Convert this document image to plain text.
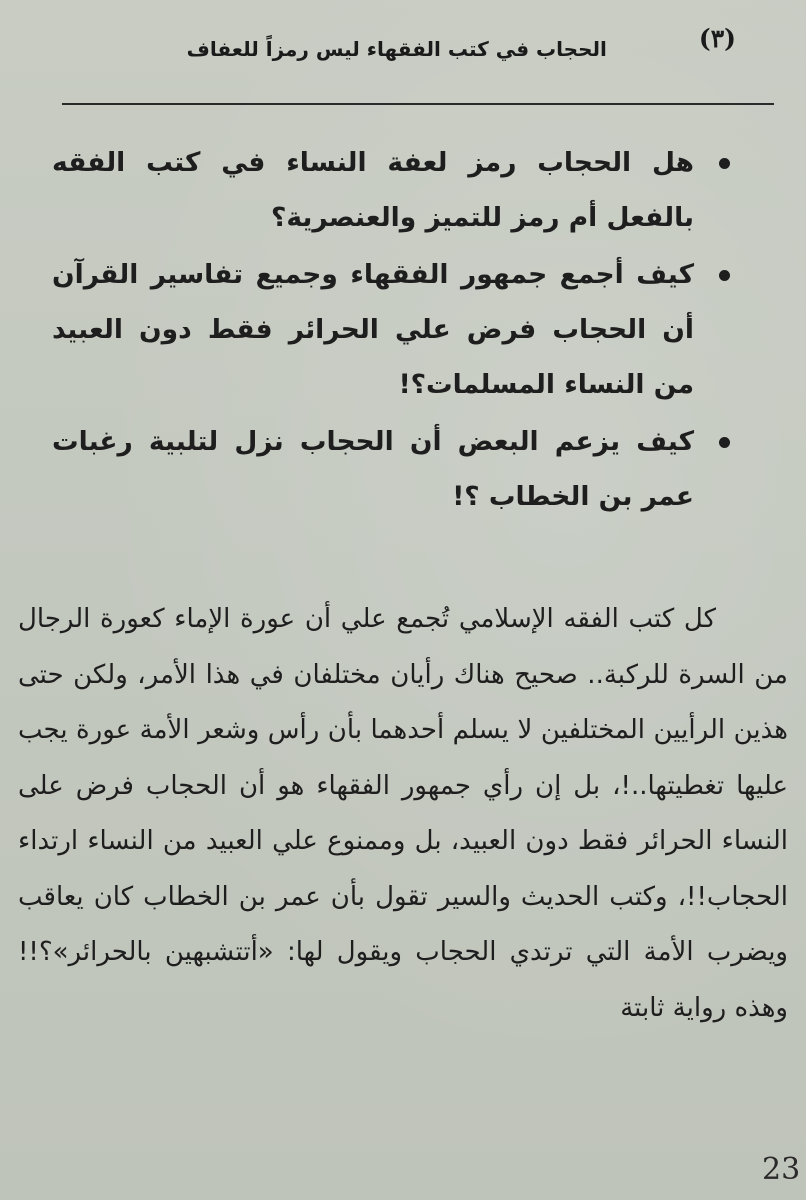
(٣)
الحجاب في كتب الفقهاء ليس رمزاً للعفاف
هل الحجاب رمز لعفة النساء في كتب الفقه بالفعل أم رمز للتميز والعنصرية؟
كيف أجمع جمهور الفقهاء وجميع تفاسير القرآن أن الحجاب فرض علي الحرائر فقط دون العبيد من النساء المسلمات؟!
كيف يزعم البعض أن الحجاب نزل لتلبية رغبات عمر بن الخطاب ؟!

كل كتب الفقه الإسلامي تُجمع علي أن عورة الإماء كعورة الرجال من السرة للركبة.. صحيح هناك رأيان مختلفان في هذا الأمر، ولكن حتى هذين الرأيين المختلفين لا يسلم أحدهما بأن رأس وشعر الأمة عورة يجب عليها تغطيتها..!، بل إن رأي جمهور الفقهاء هو أن الحجاب فرض على النساء الحرائر فقط دون العبيد، بل وممنوع علي العبيد من النساء ارتداء الحجاب!!، وكتب الحديث والسير تقول بأن عمر بن الخطاب كان يعاقب ويضرب الأمة التي ترتدي الحجاب ويقول لها: «أتتشبهين بالحرائر»؟!! وهذه رواية ثابتة

23
